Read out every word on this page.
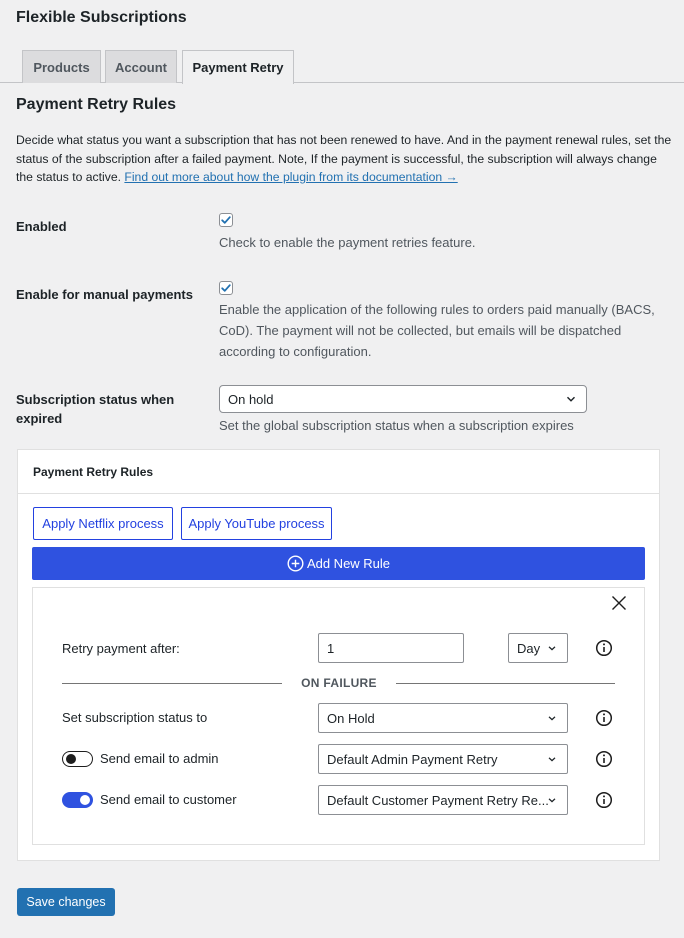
Flexible Subscriptions
Products	Account	Payment Retry
Payment Retry Rules

Decide what status you want a subscription that has not been renewed to have. And in the payment renewal rules, set the status of the subscription after a failed payment. Note, If the payment is successful, the subscription will always change the status to active. Find out more about how the plugin from its documentation →

Enabled
Check to enable the payment retries feature.
Enable for manual payments
Enable the application of the following rules to orders paid manually (BACS, CoD). The payment will not be collected, but emails will be dispatched according to configuration.
Subscription status when expired
On hold
Set the global subscription status when a subscription expires
Payment Retry Rules
Apply Netflix process	Apply YouTube process
Add New Rule
Retry payment after:	1	Day
ON FAILURE
Set subscription status to	On Hold
Send email to admin	Default Admin Payment Retry
Send email to customer	Default Customer Payment Retry Re...
Save changes
